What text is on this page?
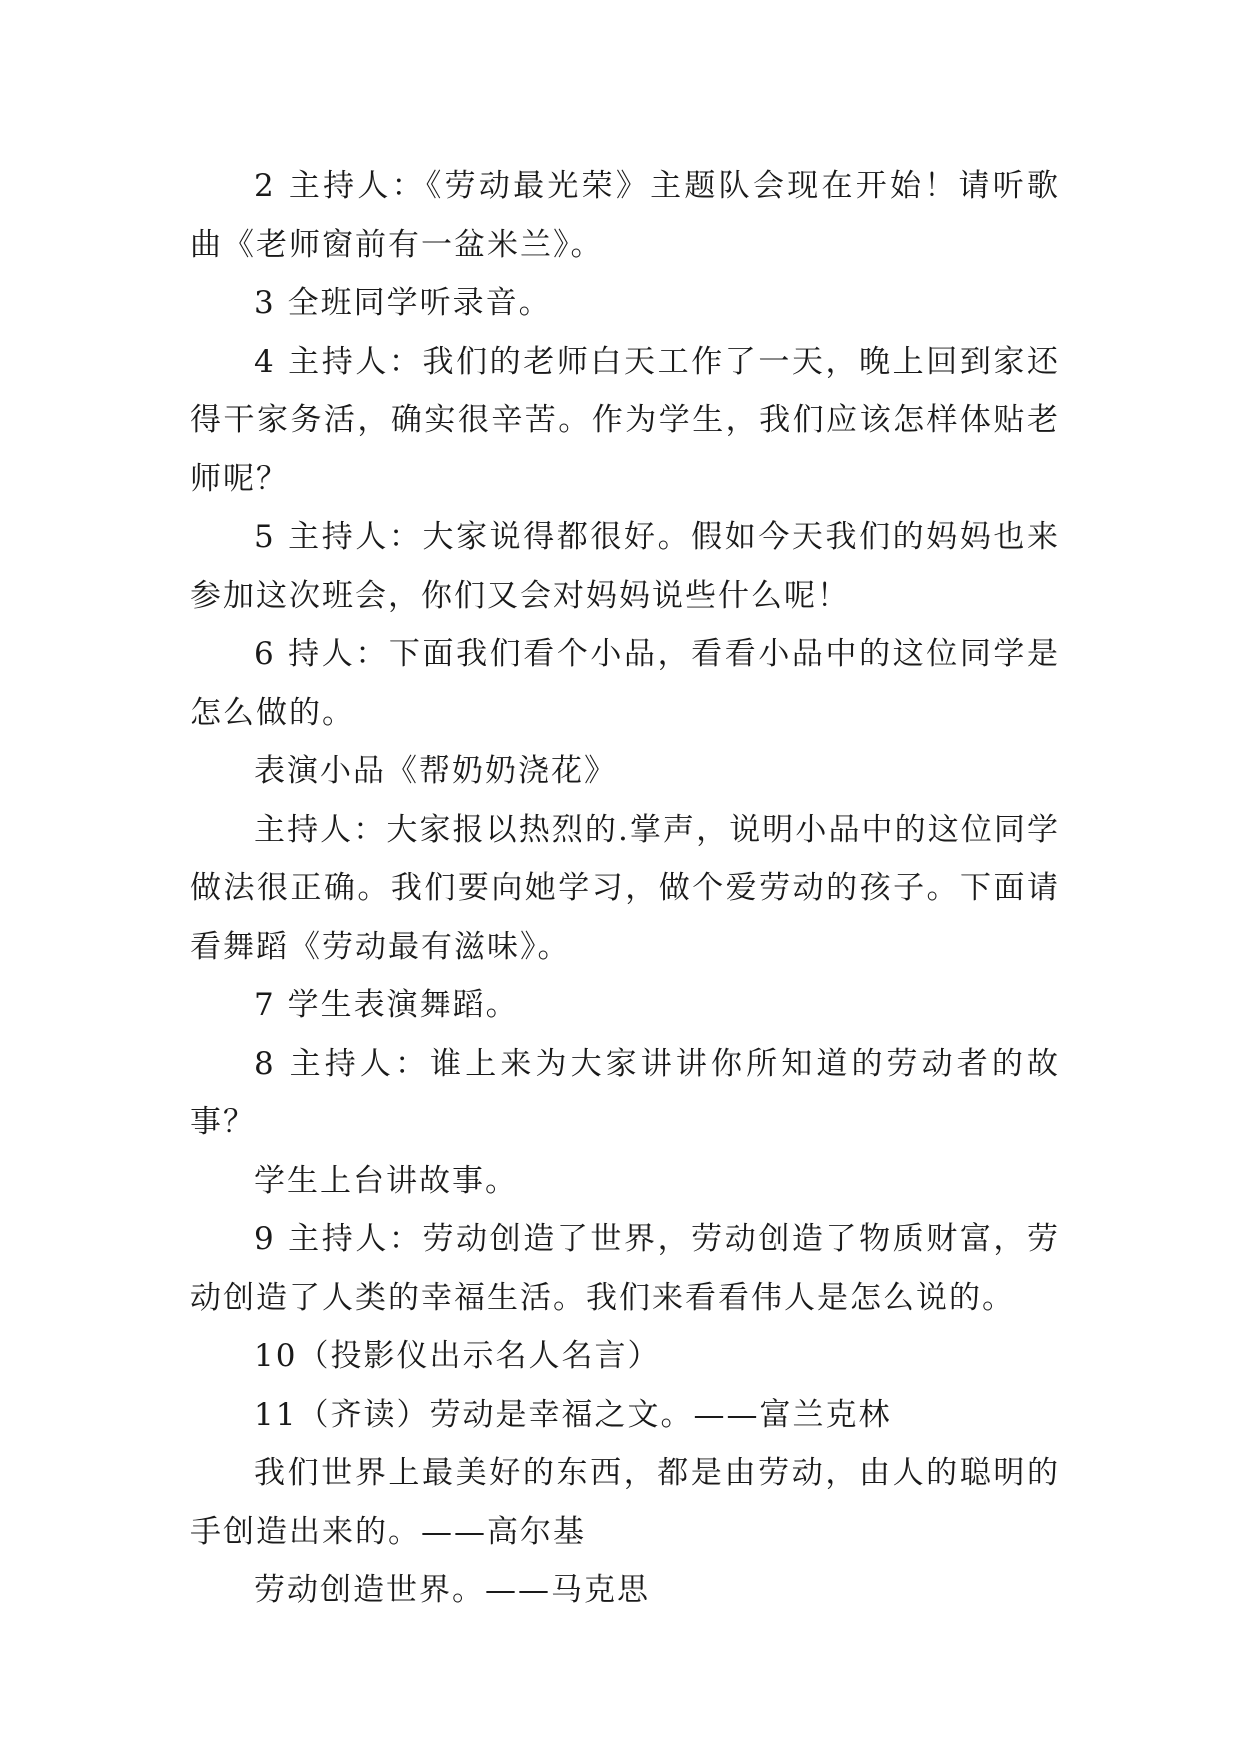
2 主持人：《劳动最光荣》主题队会现在开始！请听歌曲《老师窗前有一盆米兰》。

3 全班同学听录音。

4 主持人：我们的老师白天工作了一天，晚上回到家还得干家务活，确实很辛苦。作为学生，我们应该怎样体贴老师呢？

5 主持人：大家说得都很好。假如今天我们的妈妈也来参加这次班会，你们又会对妈妈说些什么呢！

6 持人：下面我们看个小品，看看小品中的这位同学是怎么做的。

表演小品《帮奶奶浇花》

主持人：大家报以热烈的.掌声，说明小品中的这位同学做法很正确。我们要向她学习，做个爱劳动的孩子。下面请看舞蹈《劳动最有滋味》。

7 学生表演舞蹈。

8 主持人：谁上来为大家讲讲你所知道的劳动者的故事？

学生上台讲故事。

9 主持人：劳动创造了世界，劳动创造了物质财富，劳动创造了人类的幸福生活。我们来看看伟人是怎么说的。

10（投影仪出示名人名言）

11（齐读）劳动是幸福之文。——富兰克林

我们世界上最美好的东西，都是由劳动，由人的聪明的手创造出来的。——高尔基

劳动创造世界。——马克思
